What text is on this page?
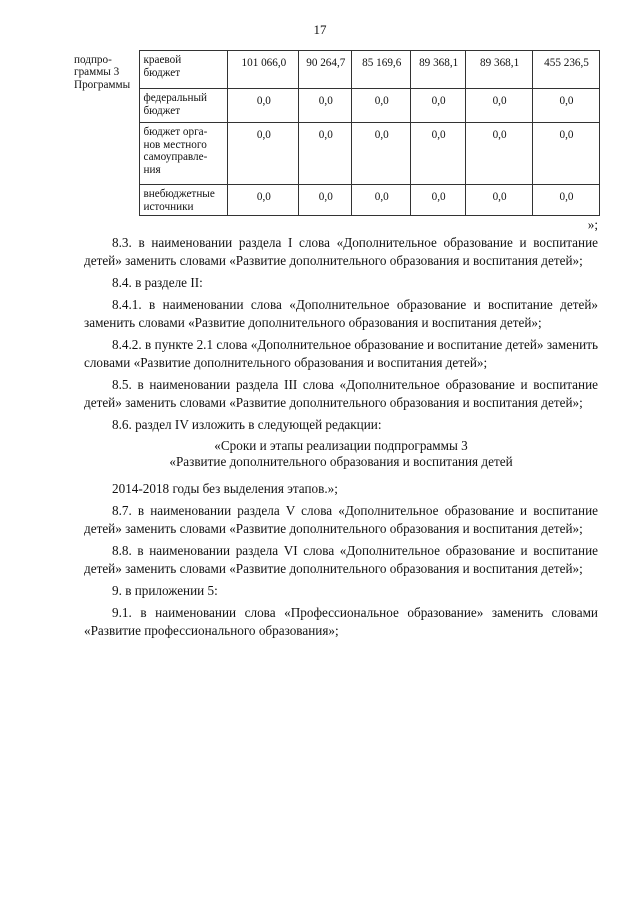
17
подпро-
граммы 3
Программы	краевой
бюджет	101 066,0	90 264,7	85 169,6	89 368,1	89 368,1	455 236,5

	федеральный
бюджет	0,0	0,0	0,0	0,0	0,0	0,0

	бюджет орга-
нов местного
самоуправле-
ния	0,0	0,0	0,0	0,0	0,0	0,0

	внебюджетные
источники	0,0	0,0	0,0	0,0	0,0	0,0
»;

8.3. в наименовании раздела I слова «Дополнительное образование и воспитание детей» заменить словами «Развитие дополнительного образования и воспитания детей»;

8.4. в разделе II:

8.4.1. в наименовании слова «Дополнительное образование и воспитание детей» заменить словами «Развитие дополнительного образования и воспитания детей»;

8.4.2. в пункте 2.1 слова «Дополнительное образование и воспитание детей» заменить словами «Развитие дополнительного образования и воспитания детей»;

8.5. в наименовании раздела III слова «Дополнительное образование и воспитание детей» заменить словами «Развитие дополнительного образования и воспитания детей»;

8.6. раздел IV изложить в следующей редакции:

«Сроки и этапы реализации подпрограммы 3
«Развитие дополнительного образования и воспитания детей

2014-2018 годы без выделения этапов.»;

8.7. в наименовании раздела V слова «Дополнительное образование и воспитание детей» заменить словами «Развитие дополнительного образования и воспитания детей»;

8.8. в наименовании раздела VI слова «Дополнительное образование и воспитание детей» заменить словами «Развитие дополнительного образования и воспитания детей»;

9. в приложении 5:

9.1. в наименовании слова «Профессиональное образование» заменить словами «Развитие профессионального образования»;
